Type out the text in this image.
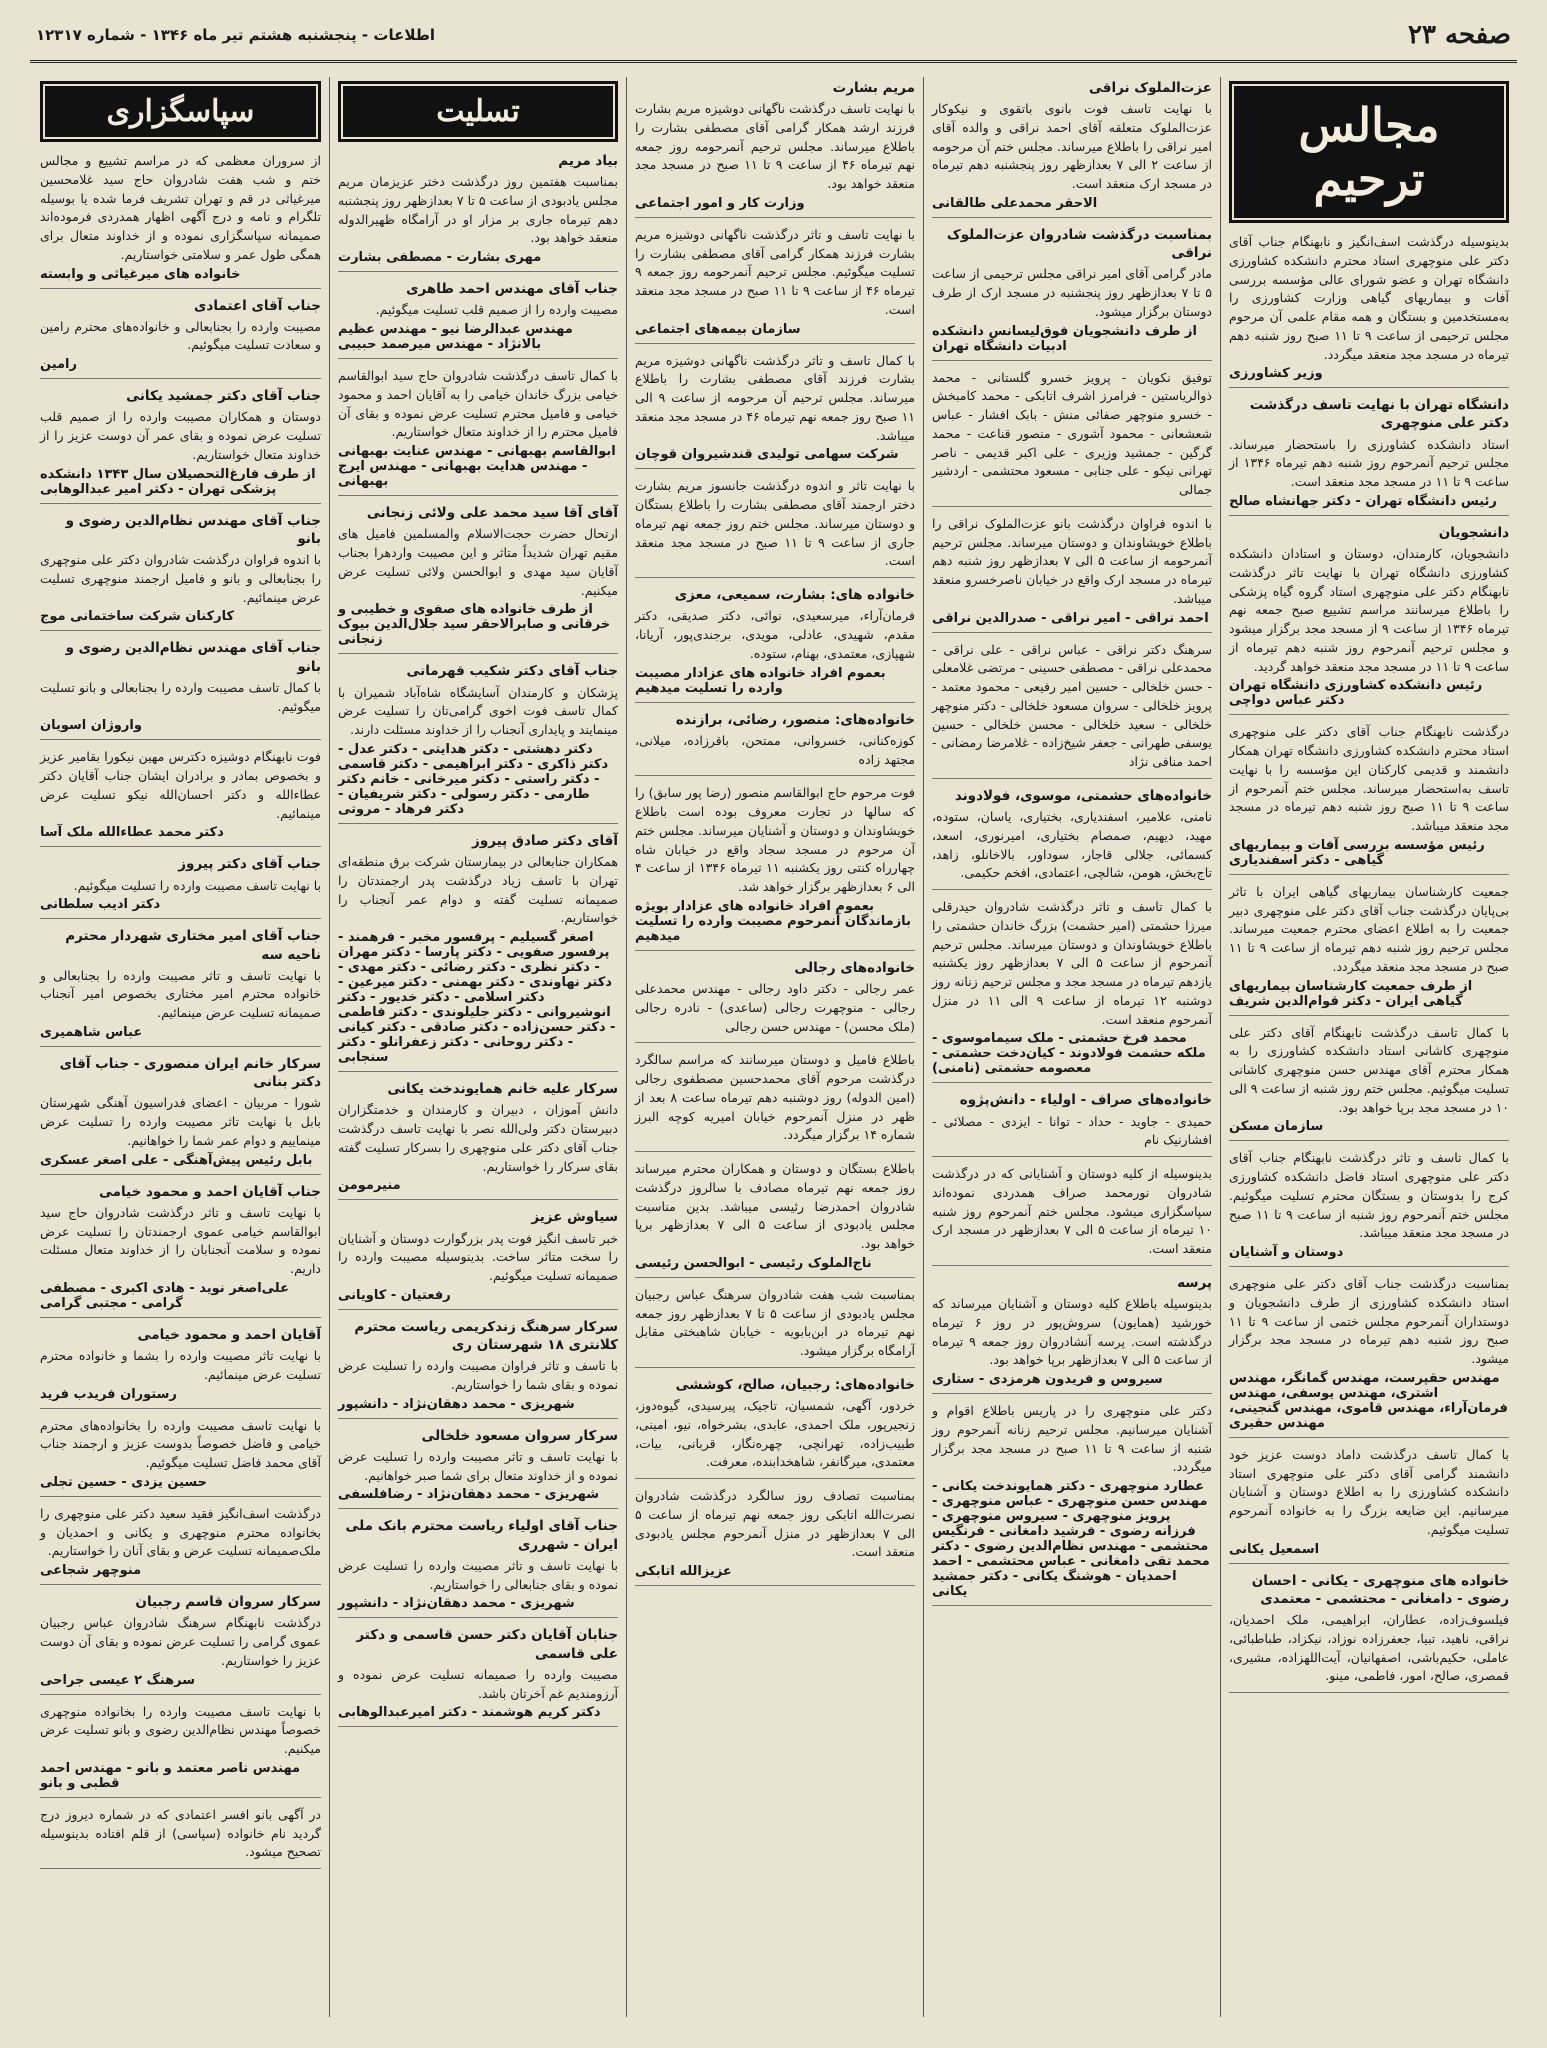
صفحه ۲۳
اطلاعات - پنجشنبه هشتم تیر ماه ۱۳۴۶ - شماره ۱۲۳۱۷
مجالس ترحیم

بدینوسیله درگذشت اسف‌انگیز و نابهنگام جناب آقای دکتر علی منوچهری استاد محترم دانشکده کشاورزی دانشگاه تهران و عضو شورای عالی مؤسسه بررسی آفات و بیماریهای گیاهی وزارت کشاورزی را به‌مستخدمین و بستگان و همه مقام علمی آن مرحوم مجلس ترحیمی از ساعت ۹ تا ۱۱ صبح روز شنبه دهم تیرماه در مسجد مجد منعقد میگردد.

وزیر کشاورزی
دانشگاه تهران با نهایت تاسف درگذشت دکتر علی منوچهری

استاد دانشکده کشاورزی را باستحضار میرساند. مجلس ترحیم آنمرحوم روز شنبه دهم تیرماه ۱۳۴۶ از ساعت ۹ تا ۱۱ در مسجد مجد منعقد است.

رئیس دانشگاه تهران - دکتر جهانشاه صالح
دانشجویان

دانشجویان، کارمندان، دوستان و استادان دانشکده کشاورزی دانشگاه تهران با نهایت تاثر درگذشت نابهنگام دکتر علی منوچهری استاد گروه گیاه پزشکی را باطلاع میرسانند مراسم تشییع صبح جمعه نهم تیرماه ۱۳۴۶ از ساعت ۹ از مسجد مجد برگزار میشود و مجلس ترحیم آنمرحوم روز شنبه دهم تیرماه از ساعت ۹ تا ۱۱ در مسجد مجد منعقد خواهد گردید.

رئیس دانشکده کشاورزی دانشگاه تهران دکتر عباس دواچی

درگذشت نابهنگام جناب آقای دکتر علی منوچهری استاد محترم دانشکده کشاورزی دانشگاه تهران همکار دانشمند و قدیمی کارکنان این مؤسسه را با نهایت تاسف به‌استحضار میرساند. مجلس ختم آنمرحوم از ساعت ۹ تا ۱۱ صبح روز شنبه دهم تیرماه در مسجد مجد منعقد میباشد.

رئیس مؤسسه بررسی آفات و بیماریهای گیاهی - دکتر اسفندیاری

جمعیت کارشناسان بیماریهای گیاهی ایران با تاثر بی‌پایان درگذشت جناب آقای دکتر علی منوچهری دبیر جمعیت را به اطلاع اعضای محترم جمعیت میرساند. مجلس ترحیم روز شنبه دهم تیرماه از ساعت ۹ تا ۱۱ صبح در مسجد مجد منعقد میگردد.

از طرف جمعیت کارشناسان بیماریهای گیاهی ایران - دکتر قوام‌الدین شریف

با کمال تاسف درگذشت نابهنگام آقای دکتر علی منوچهری کاشانی استاد دانشکده کشاورزی را به همکار محترم آقای مهندس حسن منوچهری کاشانی تسلیت میگوئیم. مجلس ختم روز شنبه از ساعت ۹ الی ۱۰ در مسجد مجد برپا خواهد بود.

سازمان مسکن

با کمال تاسف و تاثر درگذشت نابهنگام جناب آقای دکتر علی منوچهری استاد فاضل دانشکده کشاورزی کرج را بدوستان و بستگان محترم تسلیت میگوئیم. مجلس ختم آنمرحوم روز شنبه از ساعت ۹ تا ۱۱ صبح در مسجد مجد منعقد میباشد.

دوستان و آشنایان

بمناسبت درگذشت جناب آقای دکتر علی منوچهری استاد دانشکده کشاورزی از طرف دانشجویان و دوستداران آنمرحوم مجلس ختمی از ساعت ۹ تا ۱۱ صبح روز شنبه دهم تیرماه در مسجد مجد برگزار میشود.

مهندس حقپرست، مهندس گمانگر، مهندس اشتری، مهندس یوسفی، مهندس فرمان‌آراء، مهندس قاموی، مهندس گنجینی، مهندس حقیری

با کمال تاسف درگذشت داماد دوست عزیز خود دانشمند گرامی آقای دکتر علی منوچهری استاد دانشکده کشاورزی را به اطلاع دوستان و آشنایان میرسانیم. این ضایعه بزرگ را به خانواده آنمرحوم تسلیت میگوئیم.

اسمعیل یکانی
خانواده های منوچهری - یکانی - احسان رضوی - دامغانی - محتشمی - معتمدی

فیلسوف‌زاده، عطاران، ابراهیمی، ملک احمدیان، نراقی، ناهید، تبیا، جعفرزاده نوزاد، نیکزاد، طباطبائی، عاملی، حکیم‌باشی، اصفهانیان، آیت‌اللهزاده، مشیری، قمصری، صالح، امور، فاطمی، مینو.

عزت‌الملوک نراقی

با نهایت تاسف فوت بانوی باتقوی و نیکوکار عزت‌الملوک متعلقه آقای احمد نراقی و والده آقای امیر نراقی را باطلاع میرساند. مجلس ختم آن مرحومه از ساعت ۲ الی ۷ بعدازظهر روز پنجشنبه دهم تیرماه در مسجد ارک منعقد است.

الاحقر محمدعلی طالقانی
بمناسبت درگذشت شادروان عزت‌الملوک نراقی

مادر گرامی آقای امیر نراقی مجلس ترحیمی از ساعت ۵ تا ۷ بعدازظهر روز پنجشنبه در مسجد ارک از طرف دوستان برگزار میشود.

از طرف دانشجویان فوق‌لیسانس دانشکده ادبیات دانشگاه تهران

توفیق نکویان - پرویز خسرو گلستانی - محمد ذوالریاستین - فرامرز اشرف اتابکی - محمد کامبخش - خسرو منوچهر صفائی منش - بابک افشار - عباس شعشعانی - محمود آشوری - منصور قناعت - محمد گرگین - جمشید وزیری - علی اکبر قدیمی - ناصر تهرانی نیکو - علی جنابی - مسعود محتشمی - اردشیر جمالی

با اندوه فراوان درگذشت بانو عزت‌الملوک نراقی را باطلاع خویشاوندان و دوستان میرساند. مجلس ترحیم آنمرحومه از ساعت ۵ الی ۷ بعدازظهر روز شنبه دهم تیرماه در مسجد ارک واقع در خیابان ناصرخسرو منعقد میباشد.

احمد نراقی - امیر نراقی - صدرالدین نراقی

سرهنگ دکتر نراقی - عباس نراقی - علی نراقی - محمدعلی نراقی - مصطفی حسینی - مرتضی غلامعلی - حسن خلخالی - حسین امیر رفیعی - محمود معتمد - پرویز خلخالی - سروان مسعود خلخالی - دکتر منوچهر خلخالی - سعید خلخالی - محسن خلخالی - حسین یوسفی طهرانی - جعفر شیخ‌زاده - غلامرضا رمضانی - احمد منافی نژاد

خانواده‌های حشمتی، موسوی، فولادوند

نامنی، علامیر، اسفندیاری، بختیاری، یاسان، ستوده، مهید، دیهیم، صمصام بختیاری، امیرنوری، اسعد، کسمائی، جلالی قاجار، سوداور، بالاخانلو، زاهد، تاج‌بخش، هومن، شالچی، اعتمادی، افخم حکیمی.

با کمال تاسف و تاثر درگذشت شادروان حیدرقلی میرزا حشمتی (امیر حشمت) بزرگ خاندان حشمتی را باطلاع خویشاوندان و دوستان میرساند. مجلس ترحیم آنمرحوم از ساعت ۵ الی ۷ بعدازظهر روز یکشنبه یازدهم تیرماه در مسجد مجد و مجلس ترحیم زنانه روز دوشنبه ۱۲ تیرماه از ساعت ۹ الی ۱۱ در منزل آنمرحوم منعقد است.

محمد فرخ حشمتی - ملک سیماموسوی - ملکه حشمت فولادوند - کیان‌دخت حشمتی - معصومه حشمتی (نامنی)
خانواده‌های صراف - اولیاء - دانش‌پژوه

حمیدی - جاوید - حداد - توانا - ایزدی - مصلائی - افشارنیک نام

بدینوسیله از کلیه دوستان و آشنایانی که در درگذشت شادروان نورمحمد صراف همدردی نموده‌اند سپاسگزاری میشود. مجلس ختم آنمرحوم روز شنبه ۱۰ تیرماه از ساعت ۵ الی ۷ بعدازظهر در مسجد ارک منعقد است.

پرسه

بدینوسیله باطلاع کلیه دوستان و آشنایان میرساند که خورشید (همایون) سروش‌پور در روز ۶ تیرماه درگذشته است. پرسه آنشادروان روز جمعه ۹ تیرماه از ساعت ۵ الی ۷ بعدازظهر برپا خواهد بود.

سیروس و فریدون هرمزدی - ستاری

دکتر علی منوچهری را در پاریس باطلاع اقوام و آشنایان میرسانیم. مجلس ترحیم زنانه آنمرحوم روز شنبه از ساعت ۹ تا ۱۱ صبح در مسجد مجد برگزار میگردد.

عطارد منوچهری - دکتر همایوندخت یکانی - مهندس حسن منوچهری - عباس منوچهری - پرویز منوچهری - سیروس منوچهری - فرزانه رضوی - فرشید دامغانی - فرنگیس محتشمی - مهندس نظام‌الدین رضوی - دکتر محمد تقی دامغانی - عباس محتشمی - احمد احمدیان - هوشنگ یکانی - دکتر جمشید یکانی
مریم بشارت

با نهایت تاسف درگذشت ناگهانی دوشیزه مریم بشارت فرزند ارشد همکار گرامی آقای مصطفی بشارت را باطلاع میرساند. مجلس ترحیم آنمرحومه روز جمعه نهم تیرماه ۴۶ از ساعت ۹ تا ۱۱ صبح در مسجد مجد منعقد خواهد بود.

وزارت کار و امور اجتماعی

با نهایت تاسف و تاثر درگذشت ناگهانی دوشیزه مریم بشارت فرزند همکار گرامی آقای مصطفی بشارت را تسلیت میگوئیم. مجلس ترحیم آنمرحومه روز جمعه ۹ تیرماه ۴۶ از ساعت ۹ تا ۱۱ صبح در مسجد مجد منعقد است.

سازمان بیمه‌های اجتماعی

با کمال تاسف و تاثر درگذشت ناگهانی دوشیزه مریم بشارت فرزند آقای مصطفی بشارت را باطلاع میرساند. مجلس ترحیم آن مرحومه از ساعت ۹ الی ۱۱ صبح روز جمعه نهم تیرماه ۴۶ در مسجد مجد منعقد میباشد.

شرکت سهامی تولیدی قندشیروان قوچان

با نهایت تاثر و اندوه درگذشت جانسوز مریم بشارت دختر ارجمند آقای مصطفی بشارت را باطلاع بستگان و دوستان میرساند. مجلس ختم روز جمعه نهم تیرماه جاری از ساعت ۹ تا ۱۱ صبح در مسجد مجد منعقد است.

خانواده های: بشارت، سمیعی، معزی

فرمان‌آراء، میرسعیدی، نوائی، دکتر صدیقی، دکتر مقدم، شهیدی، عادلی، مویدی، برجندی‌پور، آریانا، شهپازی، معتمدی، بهنام، ستوده.

بعموم افراد خانواده های عزادار مصیبت وارده را تسلیت میدهیم
خانواده‌های: منصور، رضائی، برازنده

کوزه‌کنانی، خسروانی، ممتحن، باقرزاده، میلانی، مجتهد زاده

فوت مرحوم حاج ابوالقاسم منصور (رضا پور سابق) را که سالها در تجارت معروف بوده است باطلاع خویشاوندان و دوستان و آشنایان میرساند. مجلس ختم آن مرحوم در مسجد سجاد واقع در خیابان شاه چهارراه کنتی روز یکشنبه ۱۱ تیرماه ۱۳۴۶ از ساعت ۴ الی ۶ بعدازظهر برگزار خواهد شد.

بعموم افراد خانواده های عزادار بویژه بازماندگان آنمرحوم مصیبت وارده را تسلیت میدهیم
خانواده‌های رجالی

عمر رجالی - دکتر داود رجالی - مهندس محمدعلی رجالی - منوچهرت رجالی (ساعدی) - نادره رجالی (ملک محسن) - مهندس حسن رجالی

باطلاع فامیل و دوستان میرسانند که مراسم سالگرد درگذشت مرحوم آقای محمدحسین مصطفوی رجالی (امین الدوله) روز دوشنبه دهم تیرماه ساعت ۸ بعد از ظهر در منزل آنمرحوم خیابان امیریه کوچه البرز شماره ۱۴ برگزار میگردد.

باطلاع بستگان و دوستان و همکاران محترم میرساند روز جمعه نهم تیرماه مصادف با سالروز درگذشت شادروان احمدرضا رئیسی میباشد. بدین مناسبت مجلس یادبودی از ساعت ۵ الی ۷ بعدازظهر برپا خواهد بود.

ناج‌الملوک رئیسی - ابوالحسن رئیسی

بمناسبت شب هفت شادروان سرهنگ عباس رجبیان مجلس یادبودی از ساعت ۵ تا ۷ بعدازظهر روز جمعه نهم تیرماه در ابن‌بابویه - خیابان شاهبختی مقابل آرامگاه برگزار میشود.

خانواده‌های: رجبیان، صالح، کوششی

خردور، آگهی، شمسیان، تاجیک، پیرسیدی، گیوه‌دوز، زنجیرپور، ملک احمدی، عابدی، بشرخواه، نیو، امینی، طبیب‌زاده، تهرانچی، چهره‌نگار، قربانی، بیات، معتمدی، میرگانفر، شاهخدابنده، معرفت.

بمناسبت تصادف روز سالگرد درگذشت شادروان نصرت‌الله اتابکی روز جمعه نهم تیرماه از ساعت ۵ الی ۷ بعدازظهر در منزل آنمرحوم مجلس یادبودی منعقد است.

عزیزالله اتابکی
تسلیت
بیاد مریم

بمناسبت هفتمین روز درگذشت دختر عزیزمان مریم مجلس یادبودی از ساعت ۵ تا ۷ بعدازظهر روز پنجشنبه دهم تیرماه جاری بر مزار او در آرامگاه ظهیرالدوله منعقد خواهد بود.

مهری بشارت - مصطفی بشارت
جناب آقای مهندس احمد طاهری

مصیبت وارده را از صمیم قلب تسلیت میگوئیم.

مهندس عبدالرضا نیو - مهندس عظیم بالانژاد - مهندس میرصمد حبیبی

با کمال تاسف درگذشت شادروان حاج سید ابوالقاسم خیامی بزرگ خاندان خیامی را به آقایان احمد و محمود خیامی و فامیل محترم تسلیت عرض نموده و بقای آن فامیل محترم را از خداوند متعال خواستاریم.

ابوالقاسم بهبهانی - مهندس عنایت بهبهانی - مهندس هدایت بهبهانی - مهندس ایرج بهبهانی
آقای آقا سید محمد علی ولائی زنجانی

ارتحال حضرت حجت‌الاسلام والمسلمین فامیل های مقیم تهران شدیداً متاثر و این مصیبت واردهرا بجناب آقایان سید مهدی و ابوالحسن ولائی تسلیت عرض میکنیم.

از طرف خانواده های صفوی و خطیبی و خرقانی و صابرالاحقر سید جلال‌الدین بیوک زنجانی
جناب آقای دکتر شکیب قهرمانی

پزشکان و کارمندان آسایشگاه شاه‌آباد شمیران با کمال تاسف فوت اخوی گرامی‌تان را تسلیت عرض مینمایند و پایداری آنجناب را از خداوند مسئلت دارند.

دکتر دهشتی - دکتر هدایتی - دکتر عدل - دکتر ذاکری - دکتر ابراهیمی - دکتر قاسمی - دکتر راستی - دکتر میرخانی - خانم دکتر طارمی - دکتر رسولی - دکتر شریفیان - دکتر فرهاد - مروتی
آقای دکتر صادق پیروز

همکاران جنابعالی در بیمارستان شرکت برق منطقه‌ای تهران با تاسف زیاد درگذشت پدر ارجمندتان را صمیمانه تسلیت گفته و دوام عمر آنجناب را خواستاریم.

اصغر گسیلیم - پرفسور مخبر - فرهمند - پرفسور صفویی - دکتر پارسا - دکتر مهران - دکتر نظری - دکتر رضائی - دکتر مهدی - دکتر نهاوندی - دکتر بهمنی - دکتر میرعین - دکتر اسلامی - دکتر خدیور - دکتر انوشیروانی - دکتر جلیلوندی - دکتر فاطمی - دکتر حسن‌زاده - دکتر صادقی - دکتر کیانی - دکتر روحانی - دکتر زعفرانلو - دکتر سنجابی
سرکار علیه خانم همایوندخت یکانی

دانش آموزان ، دبیران و کارمندان و خدمتگزاران دبیرستان دکتر ولی‌الله نصر با نهایت تاسف درگذشت جناب آقای دکتر علی منوچهری را بسرکار تسلیت گفته بقای سرکار را خواستاریم.

منیرمومن
سیاوش عزیز

خبر تاسف انگیز فوت پدر بزرگوارت دوستان و آشنایان را سخت متاثر ساخت. بدینوسیله مصیبت وارده را صمیمانه تسلیت میگوئیم.

رفعتیان - کاویانی
سرکار سرهنگ زندکریمی ریاست محترم کلانتری ۱۸ شهرستان ری

با تاسف و تاثر فراوان مصیبت وارده را تسلیت عرض نموده و بقای شما را خواستاریم.

شهریزی - محمد دهقان‌نژاد - دانشپور
سرکار سروان مسعود خلخالی

با نهایت تاسف و تاثر مصیبت وارده را تسلیت عرض نموده و از خداوند متعال برای شما صبر خواهانیم.

شهریزی - محمد دهقان‌نژاد - رضافلسفی
جناب آقای اولیاء ریاست محترم بانک ملی ایران - شهرری

با نهایت تاسف و تاثر مصیبت وارده را تسلیت عرض نموده و بقای جنابعالی را خواستاریم.

شهریزی - محمد دهقان‌نژاد - دانشپور
جنابان آقایان دکتر حسن قاسمی و دکتر علی قاسمی

مصیبت وارده را صمیمانه تسلیت عرض نموده و آرزومندیم غم آخرتان باشد.

دکتر کریم هوشمند - دکتر امیرعبدالوهابی
سپاسگزاری

از سروران معظمی که در مراسم تشییع و مجالس ختم و شب هفت شادروان حاج سید غلامحسین میرغیاثی در قم و تهران تشریف فرما شده یا بوسیله تلگرام و نامه و درج آگهی اظهار همدردی فرموده‌اند صمیمانه سپاسگزاری نموده و از خداوند متعال برای همگی طول عمر و سلامتی خواستاریم.

خانواده های میرغیاثی و وابسته
جناب آقای اعتمادی

مصیبت وارده را بجنابعالی و خانواده‌های محترم رامین و سعادت تسلیت میگوئیم.

رامین
جناب آقای دکتر جمشید یکانی

دوستان و همکاران مصیبت وارده را از صمیم قلب تسلیت عرض نموده و بقای عمر آن دوست عزیز را از خداوند متعال خواستاریم.

از طرف فارغ‌التحصیلان سال ۱۳۴۳ دانشکده پزشکی تهران - دکتر امیر عبدالوهابی
جناب آقای مهندس نظام‌الدین رضوی و بانو

با اندوه فراوان درگذشت شادروان دکتر علی منوچهری را بجنابعالی و بانو و فامیل ارجمند منوچهری تسلیت عرض مینمائیم.

کارکنان شرکت ساختمانی موج
جناب آقای مهندس نظام‌الدین رضوی و بانو

با کمال تاسف مصیبت وارده را بجنابعالی و بانو تسلیت میگوئیم.

واروژان اسویان

فوت نابهنگام دوشیزه دکترس مهین نیکورا بقامیر عزیز و بخصوص بمادر و برادران ایشان جناب آقایان دکتر عطاءالله و دکتر احسان‌الله نیکو تسلیت عرض مینمائیم.

دکتر محمد عطاءالله ملک آسا
جناب آقای دکتر پیروز

با نهایت تاسف مصیبت وارده را تسلیت میگوئیم.

دکتر ادیب سلطانی
جناب آقای امیر مختاری شهردار محترم ناحیه سه

با نهایت تاسف و تاثر مصیبت وارده را بجنابعالی و خانواده محترم امیر مختاری بخصوص امیر آنجناب صمیمانه تسلیت عرض مینمائیم.

عباس شاهمیری
سرکار خانم ایران منصوری - جناب آقای دکتر بنانی

شورا - مربیان - اعضای فدراسیون آهنگی شهرستان بابل با نهایت تاثر مصیبت وارده را تسلیت عرض مینماییم و دوام عمر شما را خواهانیم.

بابل رئیس پیش‌آهنگی - علی اصغر عسکری
جناب آقایان احمد و محمود خیامی

با نهایت تاسف و تاثر درگذشت شادروان حاج سید ابوالقاسم خیامی عموی ارجمندتان را تسلیت عرض نموده و سلامت آنجنابان را از خداوند متعال مسئلت داریم.

علی‌اصغر نوید - هادی اکبری - مصطفی گرامی - مجتبی گرامی
آقایان احمد و محمود خیامی

با نهایت تاثر مصیبت وارده را بشما و خانواده محترم تسلیت عرض مینمائیم.

رستوران فریدب فرید

با نهایت تاسف مصیبت وارده را بخانواده‌های محترم خیامی و فاضل خصوصاً بدوست عزیز و ارجمند جناب آقای محمد فاضل تسلیت میگوئیم.

حسین یزدی - حسین تجلی

درگذشت اسف‌انگیز فقید سعید دکتر علی منوچهری را بخانواده محترم منوچهری و یکانی و احمدیان و ملک‌صمیمانه تسلیت عرض و بقای آنان را خواستاریم.

منوچهر شجاعی
سرکار سروان قاسم رجبیان

درگذشت نابهنگام سرهنگ شادروان عباس رجبیان عموی گرامی را تسلیت عرض نموده و بقای آن دوست عزیز را خواستاریم.

سرهنگ ۲ عیسی جراحی

با نهایت تاسف مصیبت وارده را بخانواده منوچهری خصوصاً مهندس نظام‌الدین رضوی و بانو تسلیت عرض میکنیم.

مهندس ناصر معتمد و بانو - مهندس احمد قطبی و بانو

در آگهی بانو افسر اعتمادی که در شماره دیروز درج گردید نام خانواده (سپاسی) از قلم افتاده بدینوسیله تصحیح میشود.
